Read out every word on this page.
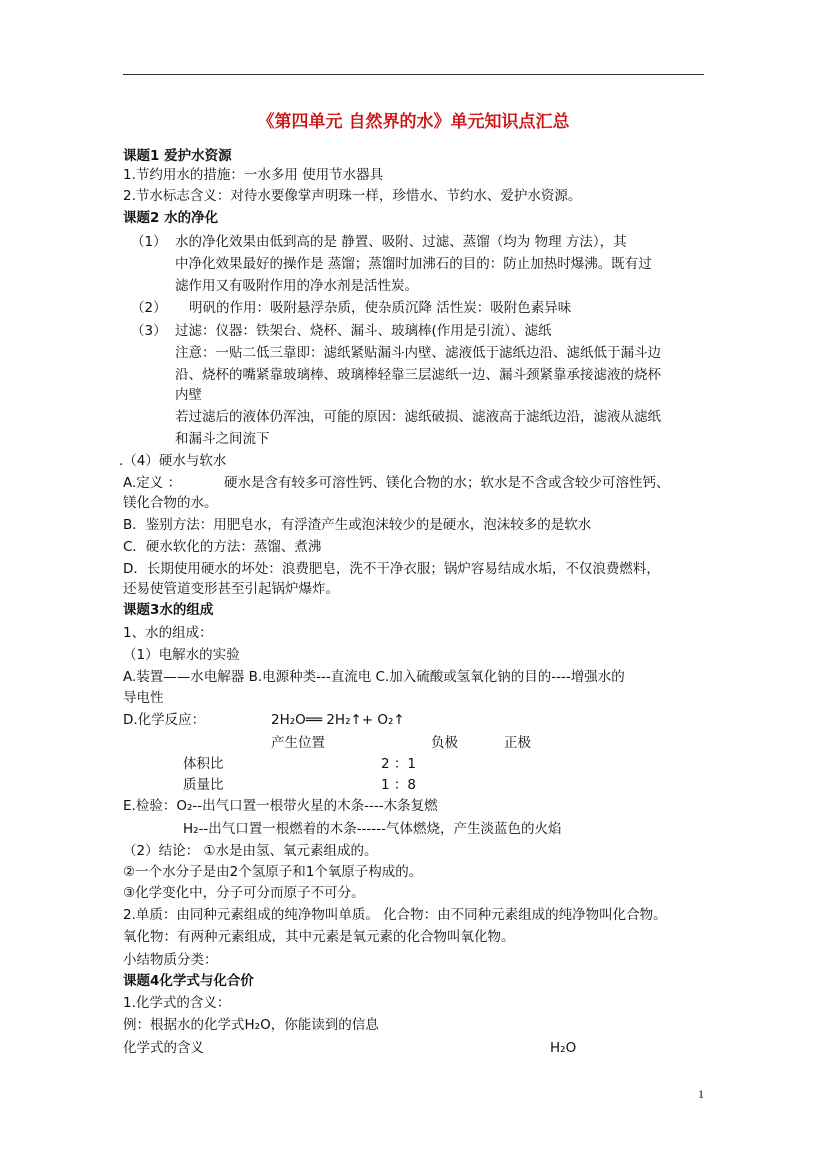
《第四单元 自然界的水》单元知识点汇总
课题1 爱护水资源
1.节约用水的措施：一水多用 使用节水器具
2.节水标志含义：对待水要像掌声明珠一样，珍惜水、节约水、爱护水资源。
课题2 水的净化
（1） 水的净化效果由低到高的是 静置、吸附、过滤、蒸馏（均为 物理 方法），其
中净化效果最好的操作是 蒸馏；蒸馏时加沸石的目的：防止加热时爆沸。既有过
滤作用又有吸附作用的净水剂是活性炭。
（2） 明矾的作用：吸附悬浮杂质，使杂质沉降 活性炭：吸附色素异味
（3） 过滤：仪器：铁架台、烧杯、漏斗、玻璃棒(作用是引流）、滤纸
注意：一贴二低三靠即：滤纸紧贴漏斗内壁、滤液低于滤纸边沿、滤纸低于漏斗边
沿、烧杯的嘴紧靠玻璃棒、玻璃棒轻靠三层滤纸一边、漏斗颈紧靠承接滤液的烧杯
内壁
若过滤后的液体仍浑浊，可能的原因：滤纸破损、滤液高于滤纸边沿，滤液从滤纸
和漏斗之间流下
.（4）硬水与软水
A.定义 ：	硬水是含有较多可溶性钙、镁化合物的水；软水是不含或含较少可溶性钙、
镁化合物的水。
B．鉴别方法：用肥皂水，有浮渣产生或泡沫较少的是硬水，泡沫较多的是软水
C．硬水软化的方法：蒸馏、煮沸
D．长期使用硬水的坏处：浪费肥皂，洗不干净衣服；锅炉容易结成水垢，不仅浪费燃料，
还易使管道变形甚至引起锅炉爆炸。
课题3水的组成
1、水的组成：
（1）电解水的实验
A.装置——水电解器 B.电源种类---直流电 C.加入硫酸或氢氧化钠的目的----增强水的
导电性
D.化学反应：	2H₂O══ 2H₂↑+ O₂↑
产生位置	负极	正极
体积比	2 ：1
质量比	1 ：8
E.检验：O₂--出气口置一根带火星的木条----木条复燃
H₂--出气口置一根燃着的木条------气体燃烧，产生淡蓝色的火焰
（2）结论： ①水是由氢、氧元素组成的。
②一个水分子是由2个氢原子和1个氧原子构成的。
③化学变化中，分子可分而原子不可分。
2.单质：由同种元素组成的纯净物叫单质。 化合物：由不同种元素组成的纯净物叫化合物。
氧化物：有两种元素组成，其中元素是氧元素的化合物叫氧化物。
小结物质分类：
课题4化学式与化合价
1.化学式的含义：
例：根据水的化学式H₂O，你能读到的信息
化学式的含义	H₂O
1
